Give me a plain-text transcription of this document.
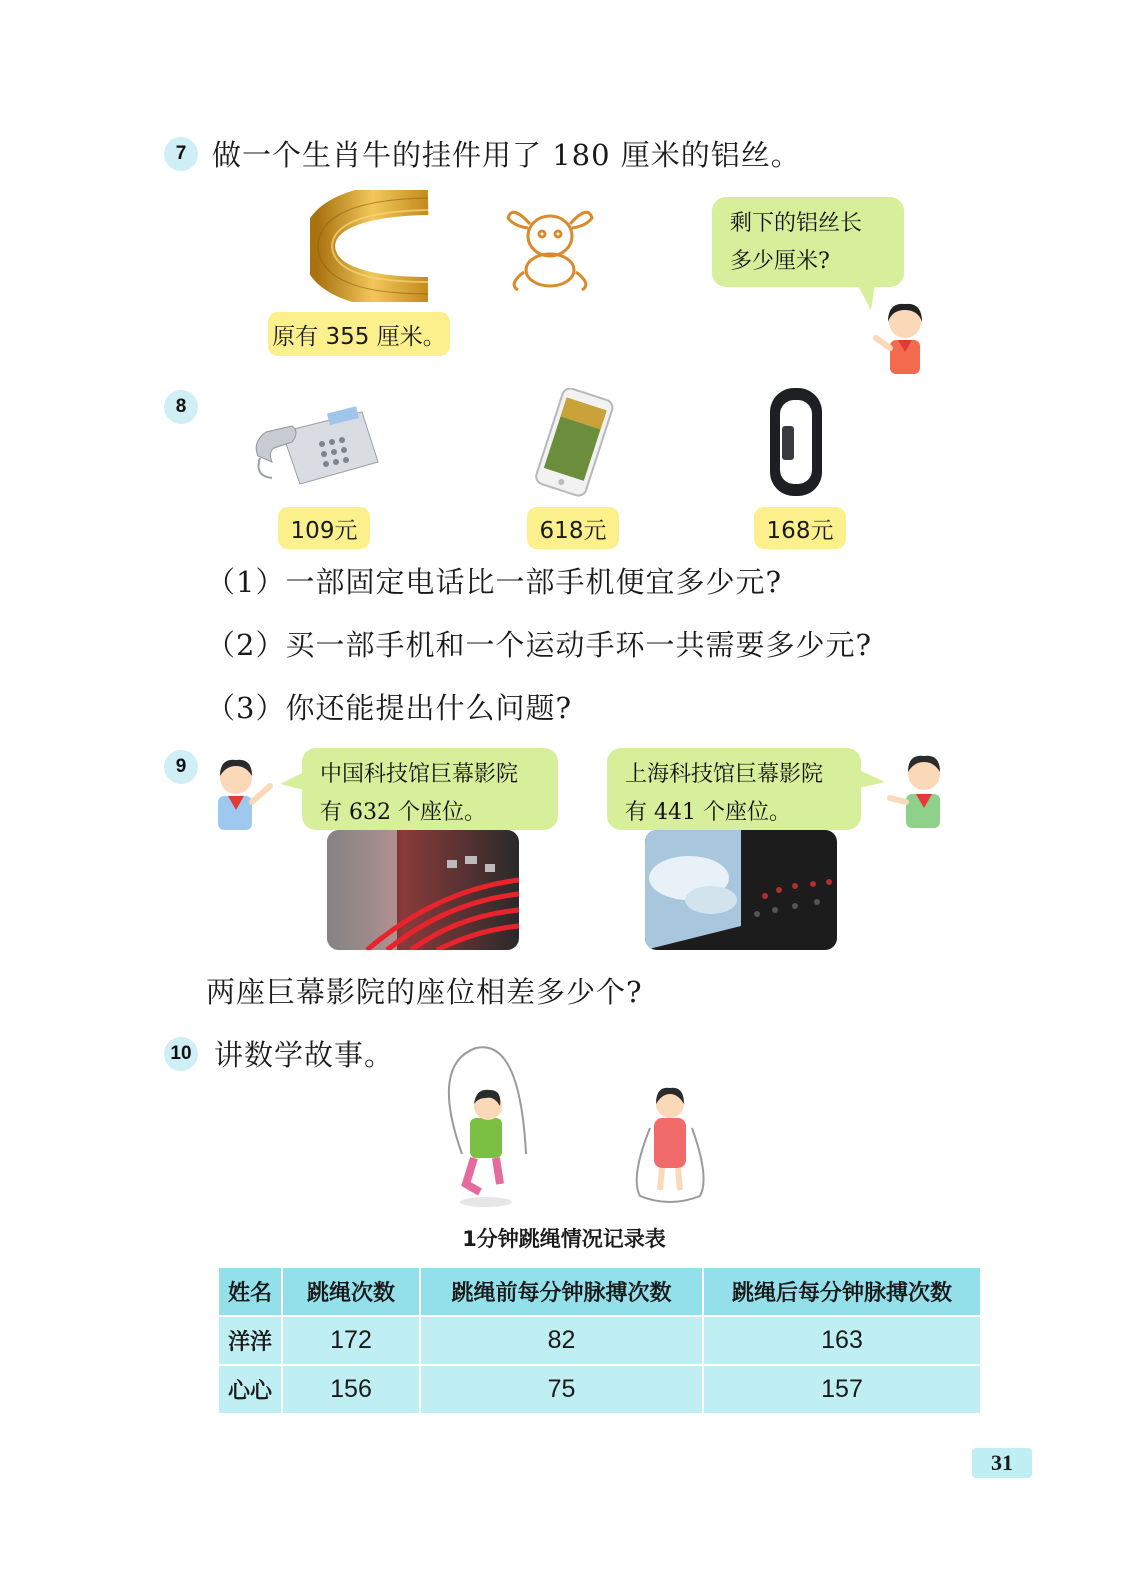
7 做一个生肖牛的挂件用了 180 厘米的铝丝。
原有 355 厘米。
剩下的铝丝长
多少厘米?
8
109元	618元	168元
（1）一部固定电话比一部手机便宜多少元?
（2）买一部手机和一个运动手环一共需要多少元?
（3）你还能提出什么问题?
9	中国科技馆巨幕影院
有 632 个座位。
上海科技馆巨幕影院
有 441 个座位。
两座巨幕影院的座位相差多少个?
10 讲数学故事。
1分钟跳绳情况记录表
姓名	跳绳次数	跳绳前每分钟脉搏次数	跳绳后每分钟脉搏次数
洋洋	172	82	163
心心	156	75	157
31
